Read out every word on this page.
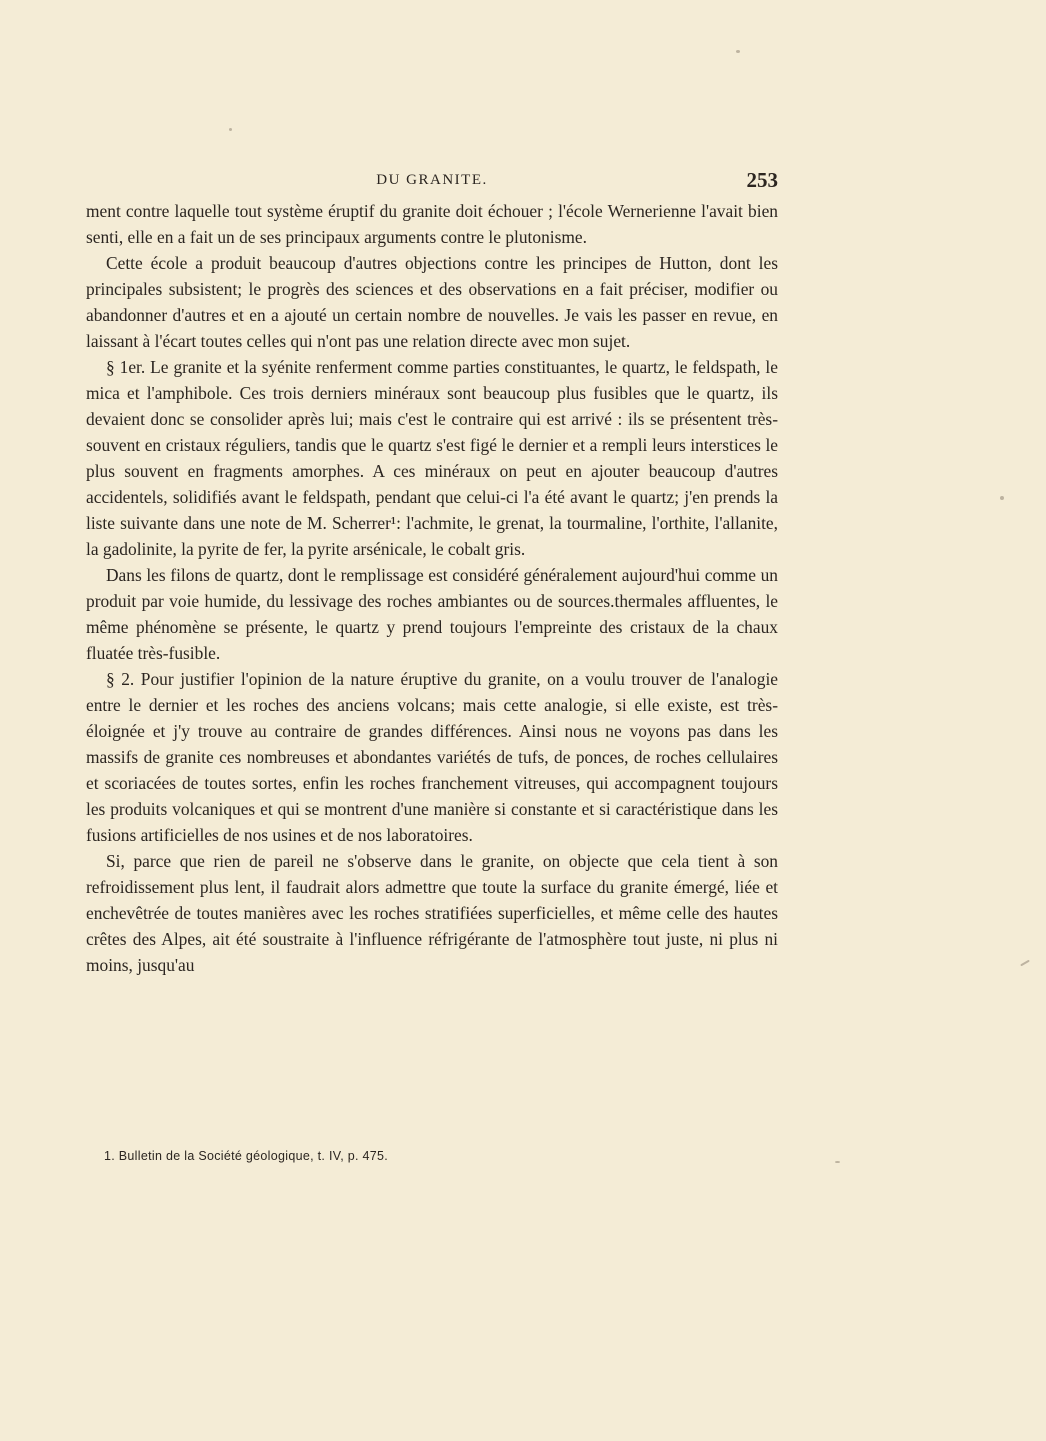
DU GRANITE.	253

ment contre laquelle tout système éruptif du granite doit échouer ; l'école Wernerienne l'avait bien senti, elle en a fait un de ses principaux arguments contre le plutonisme.

Cette école a produit beaucoup d'autres objections contre les principes de Hutton, dont les principales subsistent; le progrès des sciences et des observations en a fait préciser, modifier ou abandonner d'autres et en a ajouté un certain nombre de nouvelles. Je vais les passer en revue, en laissant à l'écart toutes celles qui n'ont pas une relation directe avec mon sujet.

§ 1er. Le granite et la syénite renferment comme parties constituantes, le quartz, le feldspath, le mica et l'amphibole. Ces trois derniers minéraux sont beaucoup plus fusibles que le quartz, ils devaient donc se consolider après lui; mais c'est le contraire qui est arrivé : ils se présentent très-souvent en cristaux réguliers, tandis que le quartz s'est figé le dernier et a rempli leurs interstices le plus souvent en fragments amorphes. A ces minéraux on peut en ajouter beaucoup d'autres accidentels, solidifiés avant le feldspath, pendant que celui-ci l'a été avant le quartz; j'en prends la liste suivante dans une note de M. Scherrer¹: l'achmite, le grenat, la tourmaline, l'orthite, l'allanite, la gadolinite, la pyrite de fer, la pyrite arsénicale, le cobalt gris.

Dans les filons de quartz, dont le remplissage est considéré généralement aujourd'hui comme un produit par voie humide, du lessivage des roches ambiantes ou de sources.thermales affluentes, le même phénomène se présente, le quartz y prend toujours l'empreinte des cristaux de la chaux fluatée très-fusible.

§ 2. Pour justifier l'opinion de la nature éruptive du granite, on a voulu trouver de l'analogie entre le dernier et les roches des anciens volcans; mais cette analogie, si elle existe, est très-éloignée et j'y trouve au contraire de grandes différences. Ainsi nous ne voyons pas dans les massifs de granite ces nombreuses et abondantes variétés de tufs, de ponces, de roches cellulaires et scoriacées de toutes sortes, enfin les roches franchement vitreuses, qui accompagnent toujours les produits volcaniques et qui se montrent d'une manière si constante et si caractéristique dans les fusions artificielles de nos usines et de nos laboratoires.

Si, parce que rien de pareil ne s'observe dans le granite, on objecte que cela tient à son refroidissement plus lent, il faudrait alors admettre que toute la surface du granite émergé, liée et enchevêtrée de toutes manières avec les roches stratifiées superficielles, et même celle des hautes crêtes des Alpes, ait été soustraite à l'influence réfrigérante de l'atmosphère tout juste, ni plus ni moins, jusqu'au

1. Bulletin de la Société géologique, t. IV, p. 475.
